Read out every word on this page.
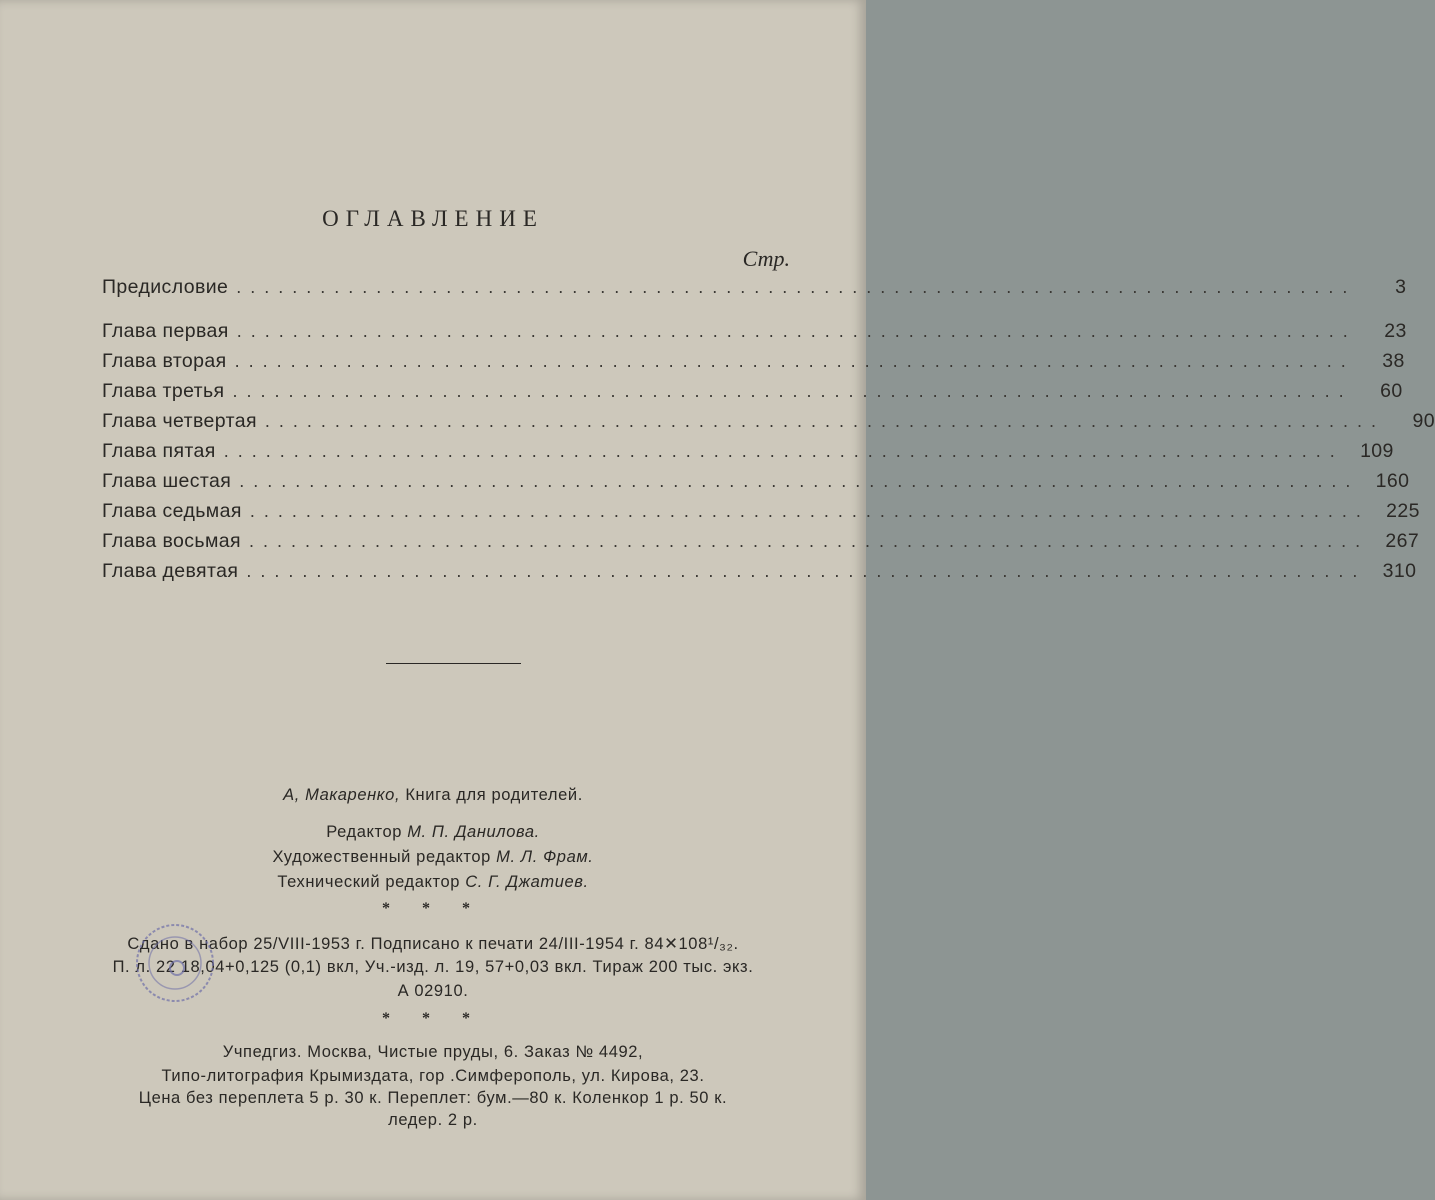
ОГЛАВЛЕНИЕ
Стр.
Предисловие ................................................................................	3
Глава первая ................................................................................	23
Глава вторая ................................................................................	38
Глава третья ................................................................................	60
Глава четвертая ................................................................................	90
Глава пятая ................................................................................ 109
Глава шестая ................................................................................ 160
Глава седьмая ................................................................................ 225
Глава восьмая ................................................................................ 267
Глава девятая ................................................................................ 310
А, Макаренко, Книга для родителей.
Редактор М. П. Данилова.
Художественный редактор М. Л. Фрам.
Технический редактор С. Г. Джатиев.
* * *
Сдано в набор 25/VIII-1953 г. Подписано к печати 24/III-1954 г. 84✕108¹/₃₂.
П. л. 22 18,04+0,125 (0,1) вкл, Уч.-изд. л. 19, 57+0,03 вкл. Тираж 200 тыс. экз.
А 02910.
* * *
Учпедгиз. Москва, Чистые пруды, 6. Заказ № 4492,
Типо-литография Крымиздата, гор .Симферополь, ул. Кирова, 23.
Цена без переплета 5 р. 30 к. Переплет: бум.—80 к. Коленкор 1 р. 50 к.
ледер. 2 р.
